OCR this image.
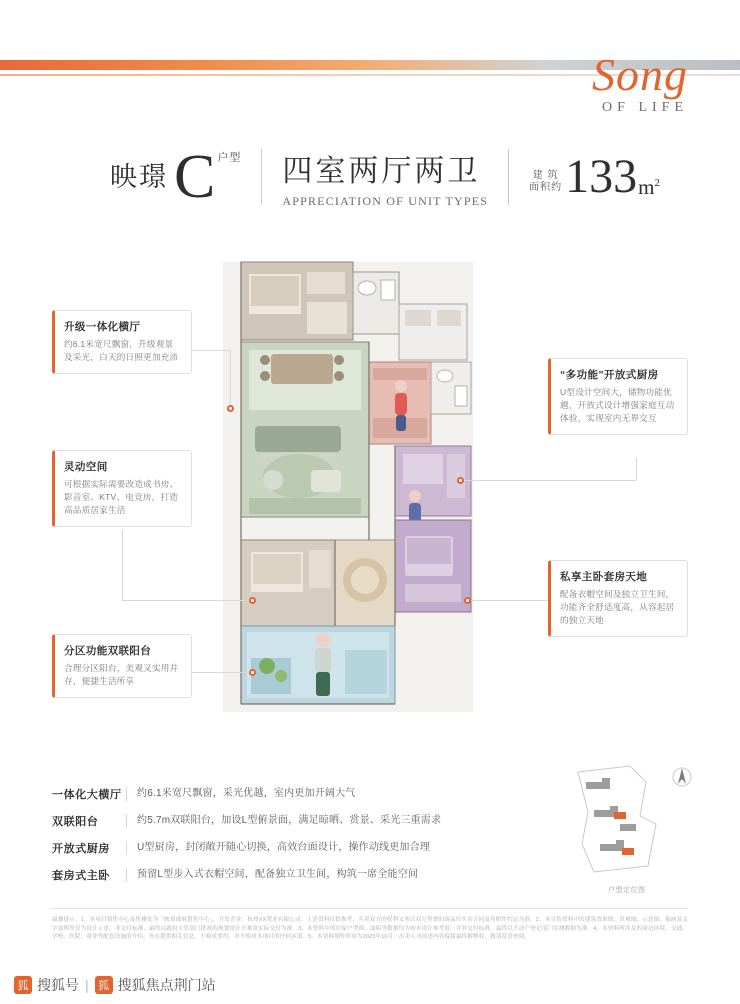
Song
OF LIFE
映璟 C 户型 四室两厅两卫
APPRECIATION OF UNIT TYPES
建 筑
面积约 133 $m^2$
升级一体化横厅
约6.1米宽尺飘窗，升级观景及采光，白天的日照更加充沛
灵动空间
可根据实际需要改造成书房、影音室、KTV、电竞房，打造高品质居家生活
分区功能双联阳台
合理分区阳台，美观又实用并存，便捷生活所享
“多功能”开放式厨房
U型设计空间大，储物功能优越，开放式设计增强家庭互动体验，实现室内无界交互
私享主卧套房天地
配备衣帽空间及独立卫生间，功能齐全舒适度高，从容起居的独立天地
一体化大横厅	约6.1米宽尺飘窗，采光优越，室内更加开阔大气
双联阳台	约5.7m双联阳台，加设L型俯景面，满足晾晒、赏景、采光三重需求
开放式厨房	U型厨房，封闭敞开随心切换，高效台面设计，操作动线更加合理
套房式主卧	预留L型步入式衣帽空间，配备独立卫生间，构筑一席全能空间
户型定位图
温馨提示：1、本项目销售中心及售楼处为「映璟郡府销售中心」，开发企业：杭州XX置业有限公司，上述资料仅供参考，买卖双方的权利义务以双方签署的商品房买卖合同及其附件约定为准。2、本宣传资料中的建筑效果图、景观图、示意图、插画及文字说明等仅为设计示意，非交付标准，最终以政府主管部门批准的规划设计方案及实际交付为准。3、本资料中的房屋户型图、面积等数据均为初步设计参考值，并非交付标准，最终以不动产登记部门实测数据为准。4、本资料所涉及的周边环境、交通、学校、医院、商业等配套设施的介绍，旨在提供相关信息，不构成要约，亦不构成本项目的任何承诺。5、本资料制作时间为2023年10月，出卖人对前述内容保留最终解释权，敬请留意查阅。
狐 搜狐号 | 狐 搜狐焦点荆门站
